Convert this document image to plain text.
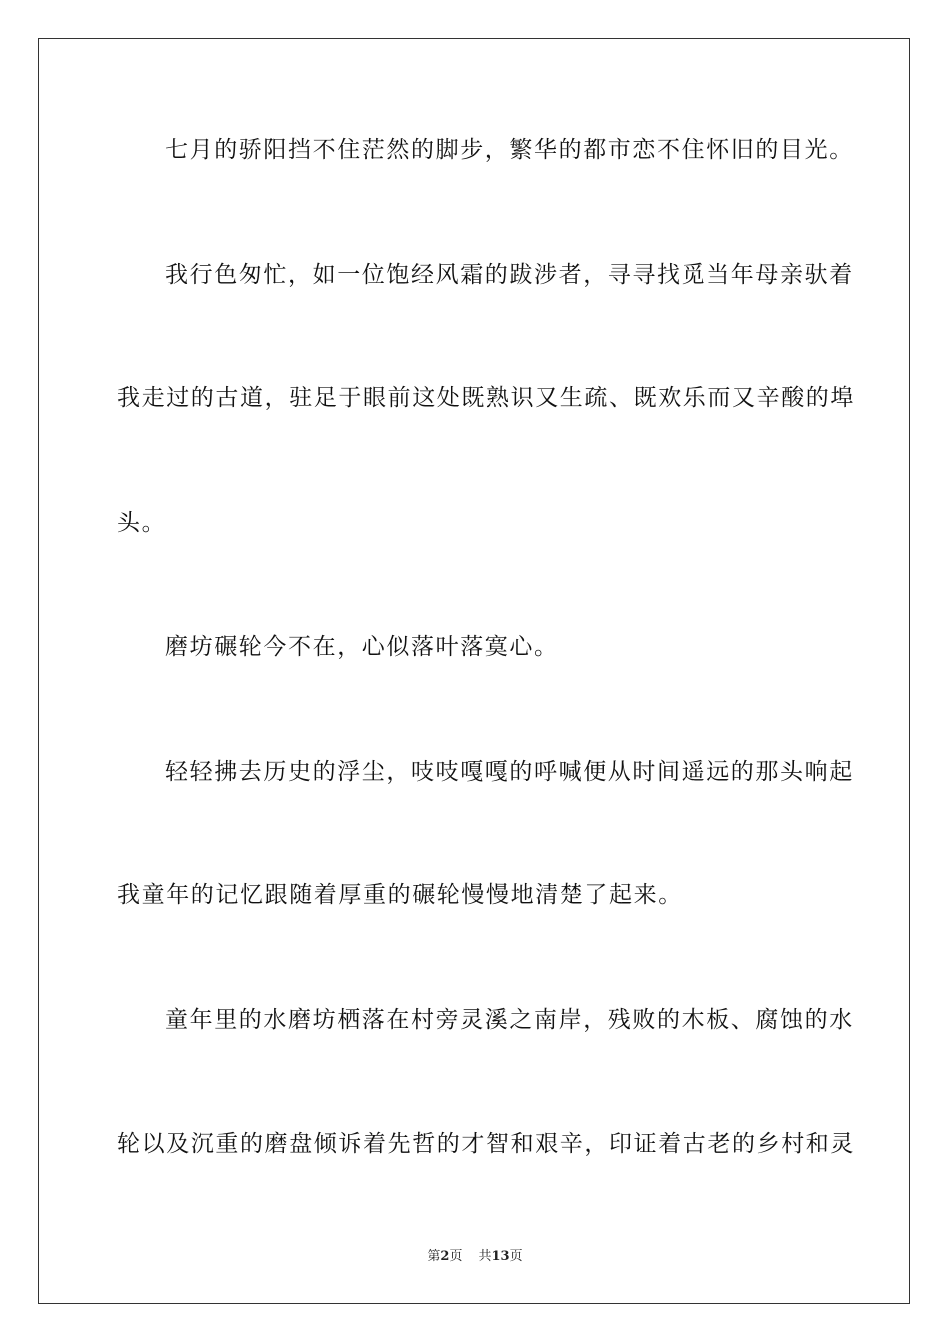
七月的骄阳挡不住茫然的脚步，繁华的都市恋不住怀旧的目光。
我行色匆忙，如一位饱经风霜的跋涉者，寻寻找觅当年母亲驮着
我走过的古道，驻足于眼前这处既熟识又生疏、既欢乐而又辛酸的埠
头。
磨坊碾轮今不在，心似落叶落寞心。
轻轻拂去历史的浮尘，吱吱嘎嘎的呼喊便从时间遥远的那头响起
我童年的记忆跟随着厚重的碾轮慢慢地清楚了起来。
童年里的水磨坊栖落在村旁灵溪之南岸，残败的木板、腐蚀的水
轮以及沉重的磨盘倾诉着先哲的才智和艰辛，印证着古老的乡村和灵
第2页 共13页
